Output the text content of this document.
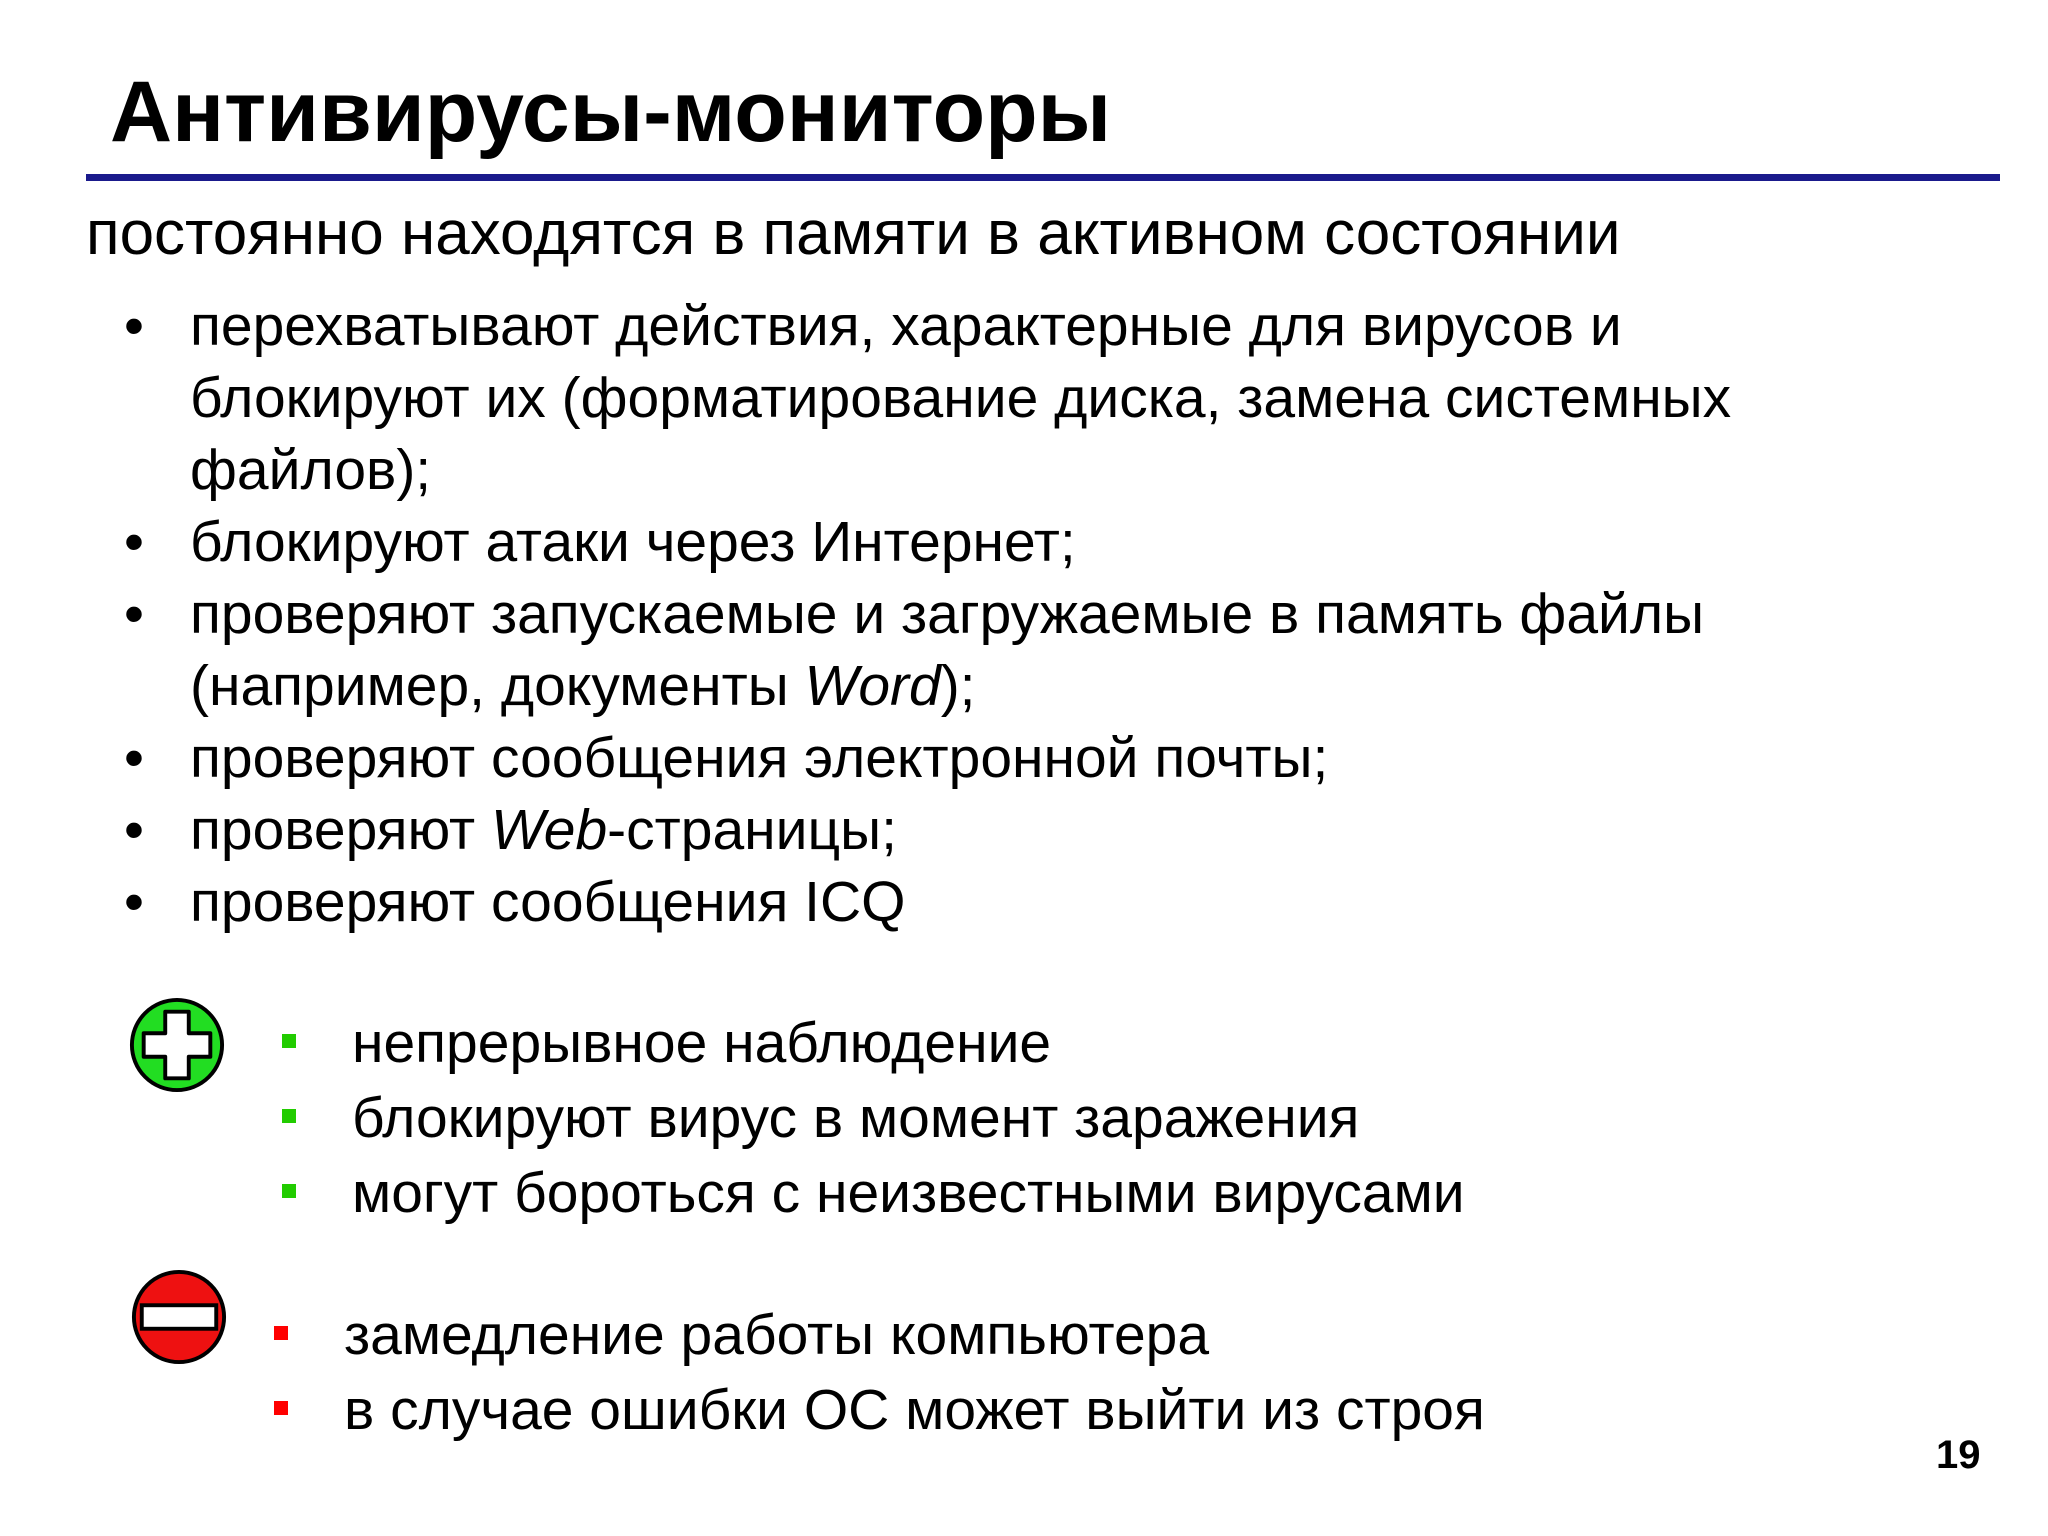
Антивирусы-мониторы

постоянно находятся в памяти в активном состоянии

• перехватывают действия, характерные для вирусов и
блокируют их (форматирование диска, замена системных
файлов);
• блокируют атаки через Интернет;
• проверяют запускаемые и загружаемые в память файлы
(например, документы Word);
• проверяют сообщения электронной почты;
• проверяют Web-страницы;
• проверяют сообщения ICQ
непрерывное наблюдение
блокируют вирус в момент заражения
могут бороться с неизвестными вирусами
замедление работы компьютера
в случае ошибки ОС может выйти из строя
19
